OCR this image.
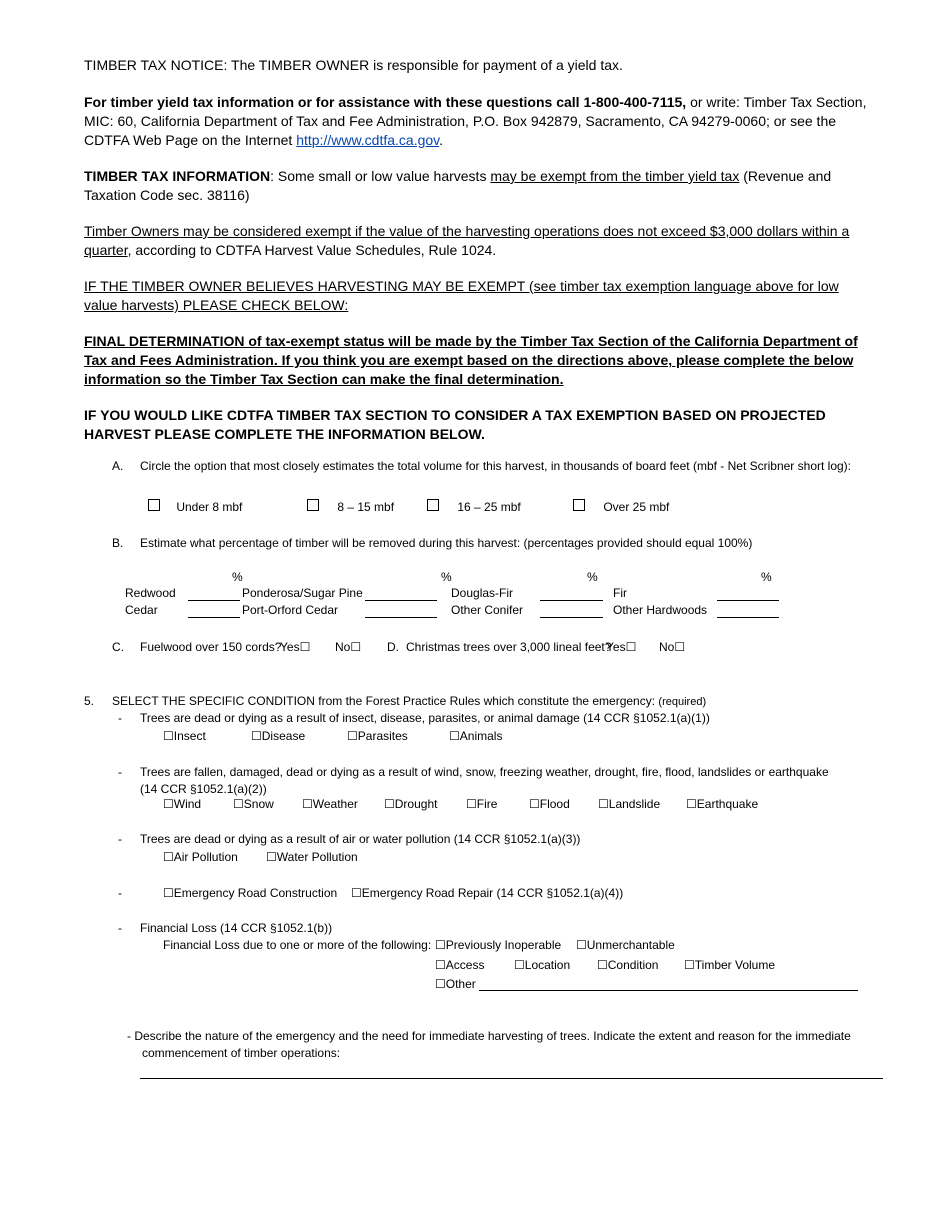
TIMBER TAX NOTICE: The TIMBER OWNER is responsible for payment of a yield tax.
For timber yield tax information or for assistance with these questions call 1-800-400-7115, or write: Timber Tax Section, MIC: 60, California Department of Tax and Fee Administration, P.O. Box 942879, Sacramento, CA 94279-0060; or see the CDTFA Web Page on the Internet http://www.cdtfa.ca.gov.
TIMBER TAX INFORMATION: Some small or low value harvests may be exempt from the timber yield tax (Revenue and Taxation Code sec. 38116)
Timber Owners may be considered exempt if the value of the harvesting operations does not exceed $3,000 dollars within a quarter, according to CDTFA Harvest Value Schedules, Rule 1024.
IF THE TIMBER OWNER BELIEVES HARVESTING MAY BE EXEMPT (see timber tax exemption language above for low value harvests) PLEASE CHECK BELOW:
FINAL DETERMINATION of tax-exempt status will be made by the Timber Tax Section of the California Department of Tax and Fees Administration. If you think you are exempt based on the directions above, please complete the below information so the Timber Tax Section can make the final determination.
IF YOU WOULD LIKE CDTFA TIMBER TAX SECTION TO CONSIDER A TAX EXEMPTION BASED ON PROJECTED HARVEST PLEASE COMPLETE THE INFORMATION BELOW.
A. Circle the option that most closely estimates the total volume for this harvest, in thousands of board feet (mbf - Net Scribner short log):
Under 8 mbf	8 – 15 mbf	16 – 25 mbf	Over 25 mbf
B. Estimate what percentage of timber will be removed during this harvest: (percentages provided should equal 100%)
%	%	%	%
Redwood	Ponderosa/Sugar Pine	Douglas-Fir	Fir
Cedar	Port-Orford Cedar	Other Conifer	Other Hardwoods
C. Fuelwood over 150 cords?
Yes☐ No☐ D. Christmas trees over 3,000 lineal feet?
Yes☐ No☐
5. SELECT THE SPECIFIC CONDITION from the Forest Practice Rules which constitute the emergency: (required)
- Trees are dead or dying as a result of insect, disease, parasites, or animal damage (14 CCR §1052.1(a)(1))
☐Insect	☐Disease	☐Parasites	☐Animals
- Trees are fallen, damaged, dead or dying as a result of wind, snow, freezing weather, drought, fire, flood, landslides or earthquake
(14 CCR §1052.1(a)(2))
☐Wind	☐Snow ☐Weather ☐Drought ☐Fire	☐Flood ☐Landslide ☐Earthquake
- Trees are dead or dying as a result of air or water pollution (14 CCR §1052.1(a)(3))
☐Air Pollution ☐Water Pollution
-	☐Emergency Road Construction ☐Emergency Road Repair (14 CCR §1052.1(a)(4))
- Financial Loss (14 CCR §1052.1(b))
Financial Loss due to one or more of the following: ☐Previously Inoperable ☐Unmerchantable
☐Access ☐Location ☐Condition ☐Timber Volume
☐Other
- Describe the nature of the emergency and the need for immediate harvesting of trees. Indicate the extent and reason for the immediate
commencement of timber operations:
